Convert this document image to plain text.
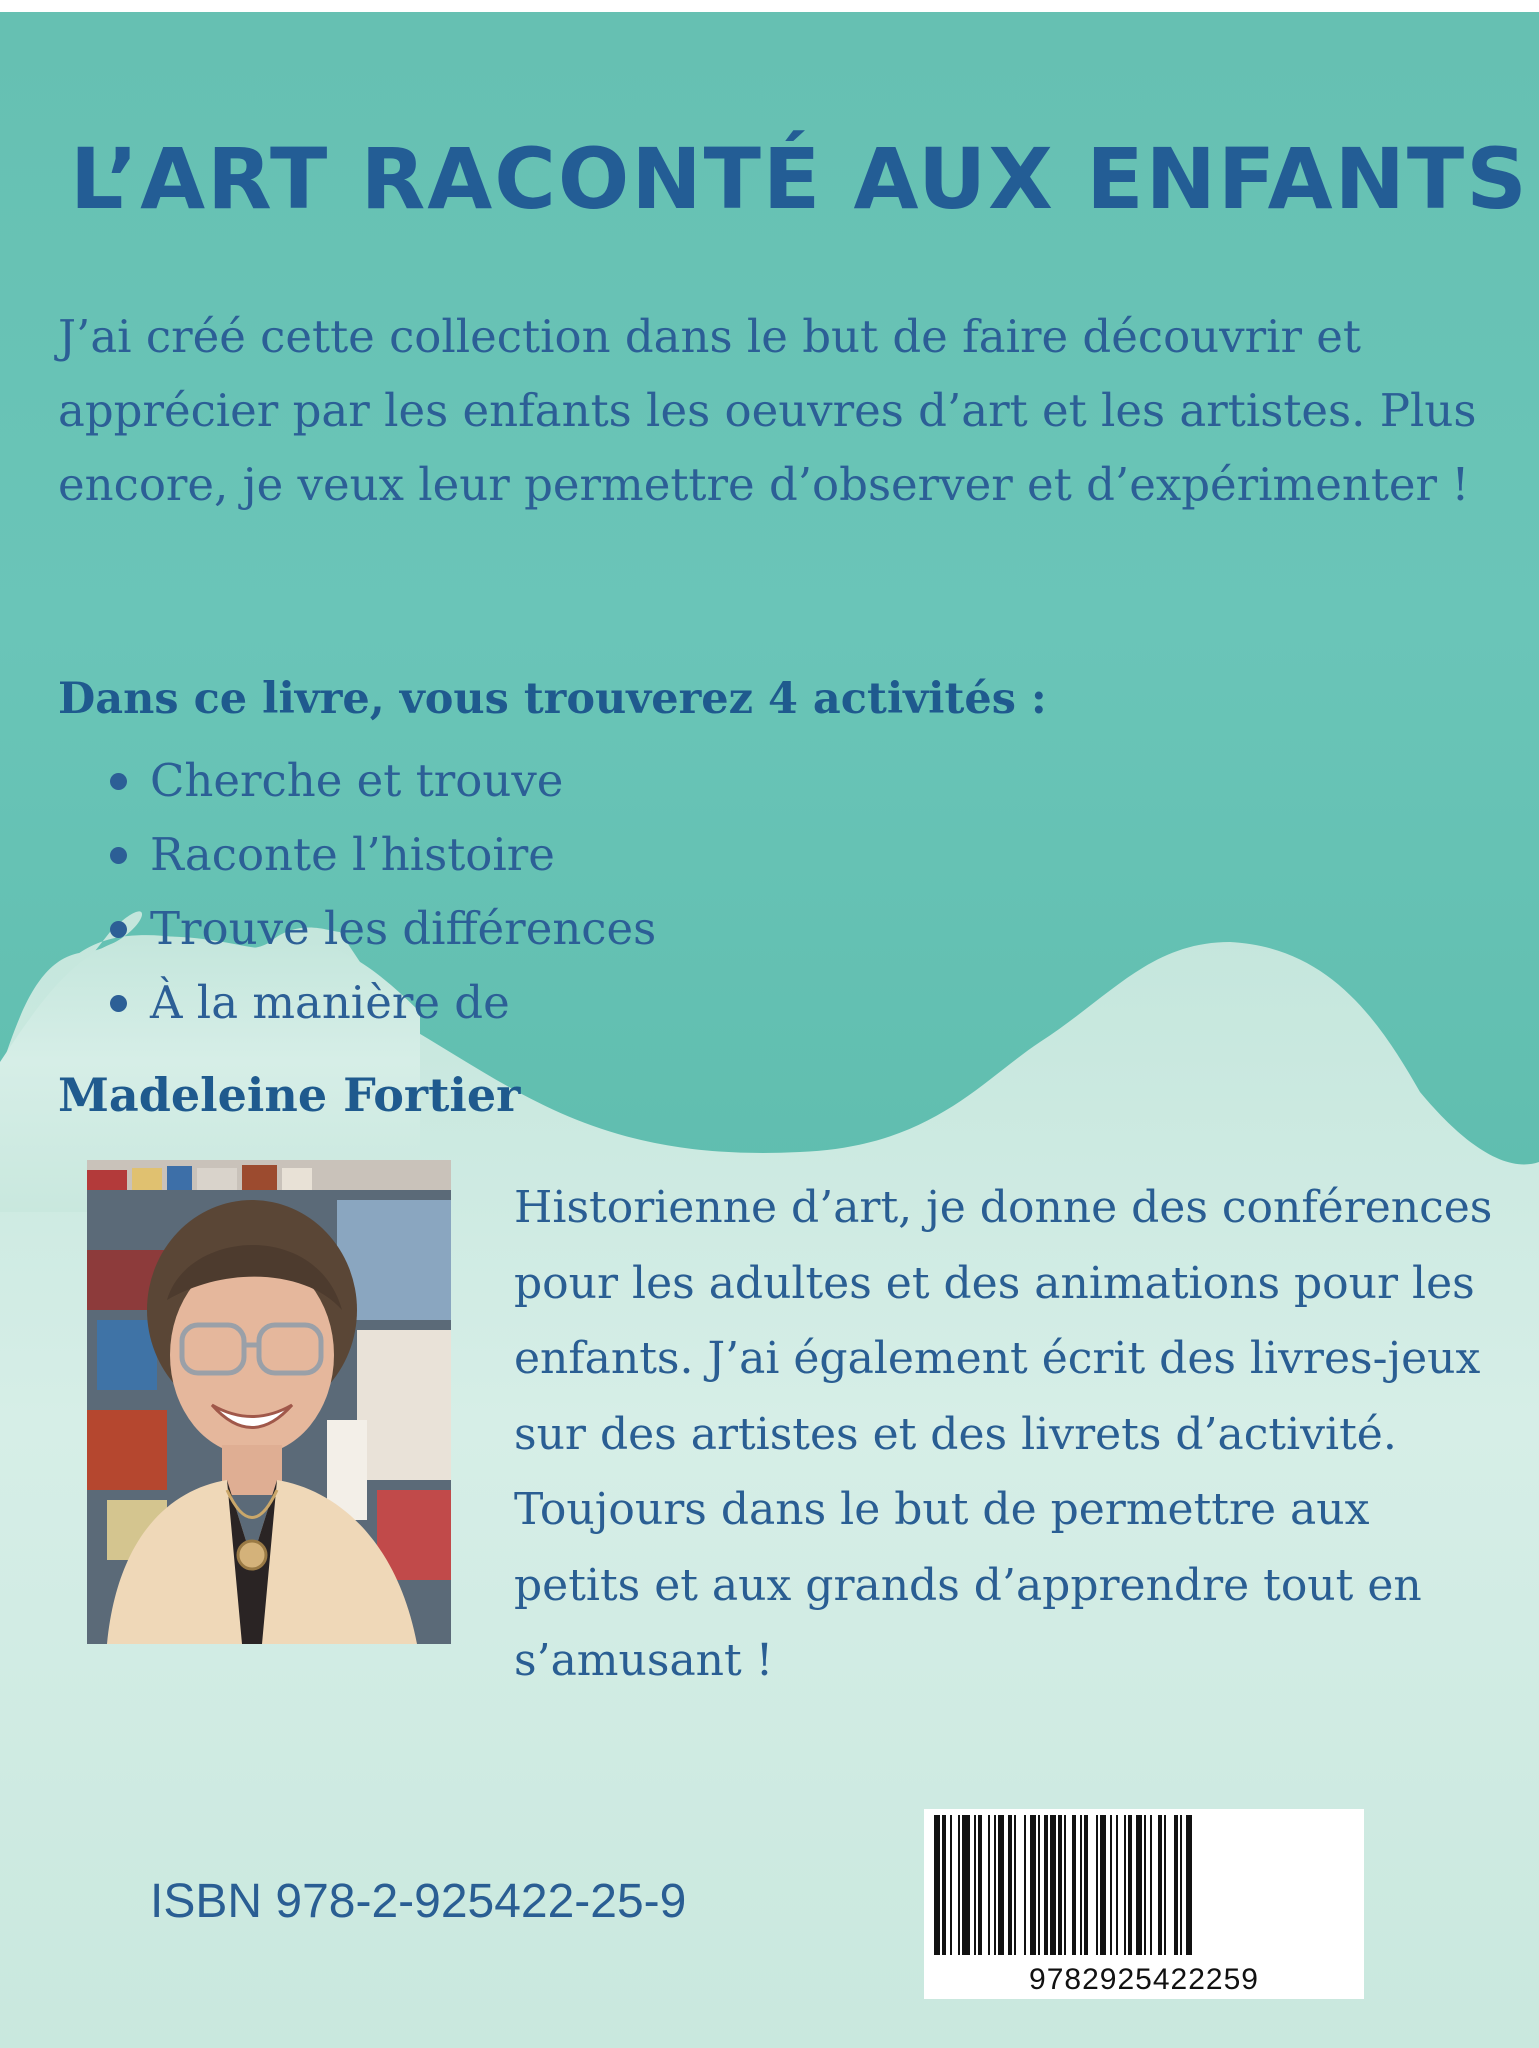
L’ART RACONTÉ AUX ENFANTS

J’ai créé cette collection dans le but de faire découvrir et apprécier par les enfants les oeuvres d’art et les artistes. Plus encore, je veux leur permettre d’observer et d’expérimenter !

Dans ce livre, vous trouverez 4 activités :

Cherche et trouve
Raconte l’histoire
Trouve les différences
À la manière de

Madeleine Fortier

Historienne d’art, je donne des conférences pour les adultes et des animations pour les enfants. J’ai également écrit des livres-jeux sur des artistes et des livrets d’activité. Toujours dans le but de permettre aux petits et aux grands d’apprendre tout en s’amusant !

ISBN 978-2-925422-25-9

9782925422259
